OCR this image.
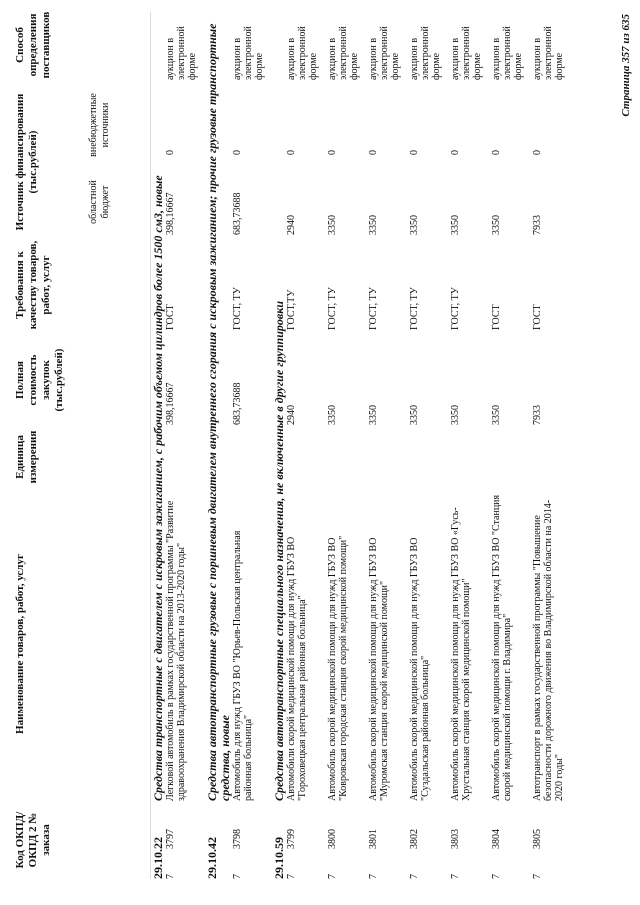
Код ОКПД/ ОКПД 2 № заказа
Наименование товаров, работ, услуг
Единица измерения
Полная стоимость закупок (тыс.рублей)
Требования к качеству товаров, работ, услуг
Источник финансирования (тыс.рублей)
областной бюджет
внебюджетные источники
Способ определения поставщиков
29.10.22
Средства транспортные с двигателем с искровым зажиганием, с рабочим объемом цилиндров более 1500 см3, новые
7
3797
Легковой автомобиль в рамках государственной программы "Развитие здравоохранения Владимирской области на 2013-2020 годы"
398,16667
ГОСТ
398,16667
0
аукцион в электронной форме
29.10.42
Средства автотранспортные грузовые с поршневым двигателем внутреннего сгорания с искровым зажиганием; прочие грузовые транспортные средства, новые
7
3798
Автомобиль для нужд ГБУЗ ВО "Юрьев-Польская центральная районная больница"
683,73688
ГОСТ, ТУ
683,73688
0
аукцион в электронной форме
29.10.59
Средства автотранспортные специального назначения, не включенные в другие группировки
7
3799
Автомобили скорой медицинской помощи для нужд ГБУЗ ВО "Гороховецкая центральная районная больница"
2940
ГОСТ,ТУ
2940
0
аукцион в электронной форме
7
3800
Автомобиль скорой медицинской помощи для нужд ГБУЗ ВО "Ковровская городская станция скорой медицинской помощи"
3350
ГОСТ, ТУ
3350
0
аукцион в электронной форме
7
3801
Автомобиль скорой медицинской помощи для нужд ГБУЗ ВО "Муромская станция скорой медицинской помощи"
3350
ГОСТ, ТУ
3350
0
аукцион в электронной форме
7
3802
Автомобиль скорой медицинской помощи для нужд ГБУЗ ВО "Суздальская районная больница"
3350
ГОСТ, ТУ
3350
0
аукцион в электронной форме
7
3803
Автомобиль скорой медицинской помощи для нужд ГБУЗ ВО «Гусь-Хрустальная станция скорой медицинской помощи"
3350
ГОСТ, ТУ
3350
0
аукцион в электронной форме
7
3804
Автомобиль скорой медицинской помощи для нужд ГБУЗ ВО "Станция скорой медицинской помощи г. Владимира"
3350
ГОСТ
3350
0
аукцион в электронной форме
7
3805
Автотранспорт в рамках государственной программы "Повышение безопасности дорожного движения во Владимирской области на 2014-2020 годы"
7933
ГОСТ
7933
0
аукцион в электронной форме	Страница 357 из 635
